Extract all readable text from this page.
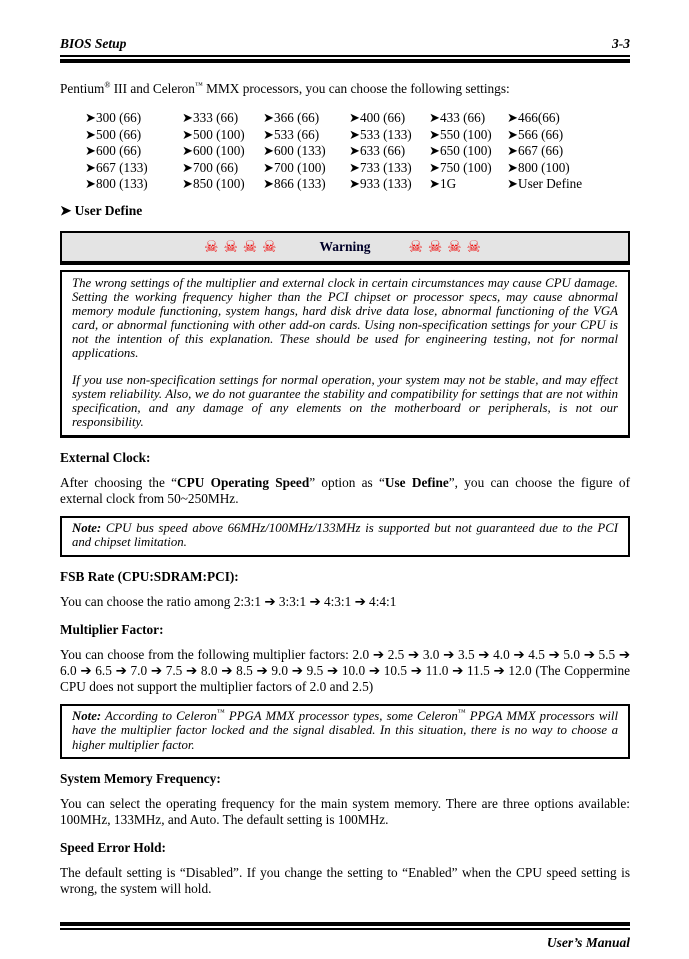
BIOS Setup	3-3

Pentium® III and Celeron™ MMX processors, you can choose the following settings:

➤300 (66)	➤333 (66)	➤366 (66)	➤400 (66)	➤433 (66)	➤466(66)
➤500 (66)	➤500 (100)	➤533 (66)	➤533 (133)	➤550 (100)	➤566 (66)
➤600 (66)	➤600 (100)	➤600 (133)	➤633 (66)	➤650 (100)	➤667 (66)
➤667 (133)	➤700 (66)	➤700 (100)	➤733 (133)	➤750 (100)	➤800 (100)
➤800 (133)	➤850 (100)	➤866 (133)	➤933 (133)	➤1G	➤User Define

➤ User Define

☠☠☠☠	Warning ☠☠☠☠

The wrong settings of the multiplier and external clock in certain circumstances may cause CPU damage. Setting the working frequency higher than the PCI chipset or processor specs, may cause abnormal memory module functioning, system hangs, hard disk drive data lose, abnormal functioning of the VGA card, or abnormal functioning with other add-on cards. Using non-specification settings for your CPU is not the intention of this explanation. These should be used for engineering testing, not for normal applications.

If you use non-specification settings for normal operation, your system may not be stable, and may effect system reliability. Also, we do not guarantee the stability and compatibility for settings that are not within specification, and any damage of any elements on the motherboard or peripherals, is not our responsibility.

External Clock:

After choosing the “CPU Operating Speed” option as “Use Define”, you can choose the figure of external clock from 50~250MHz.

Note: CPU bus speed above 66MHz/100MHz/133MHz is supported but not guaranteed due to the PCI and chipset limitation.

FSB Rate (CPU:SDRAM:PCI):

You can choose the ratio among 2:3:1 ➔ 3:3:1 ➔ 4:3:1 ➔ 4:4:1

Multiplier Factor:

You can choose from the following multiplier factors: 2.0 ➔ 2.5 ➔ 3.0 ➔ 3.5 ➔ 4.0 ➔ 4.5 ➔ 5.0 ➔ 5.5 ➔ 6.0 ➔ 6.5 ➔ 7.0 ➔ 7.5 ➔ 8.0 ➔ 8.5 ➔ 9.0 ➔ 9.5 ➔ 10.0 ➔ 10.5 ➔ 11.0 ➔ 11.5 ➔ 12.0 (The Coppermine CPU does not support the multiplier factors of 2.0 and 2.5)

Note: According to Celeron™ PPGA MMX processor types, some Celeron™ PPGA MMX processors will have the multiplier factor locked and the signal disabled. In this situation, there is no way to choose a higher multiplier factor.

System Memory Frequency:

You can select the operating frequency for the main system memory. There are three options available: 100MHz, 133MHz, and Auto. The default setting is 100MHz.

Speed Error Hold:

The default setting is “Disabled”. If you change the setting to “Enabled” when the CPU speed setting is wrong, the system will hold.

User’s Manual
